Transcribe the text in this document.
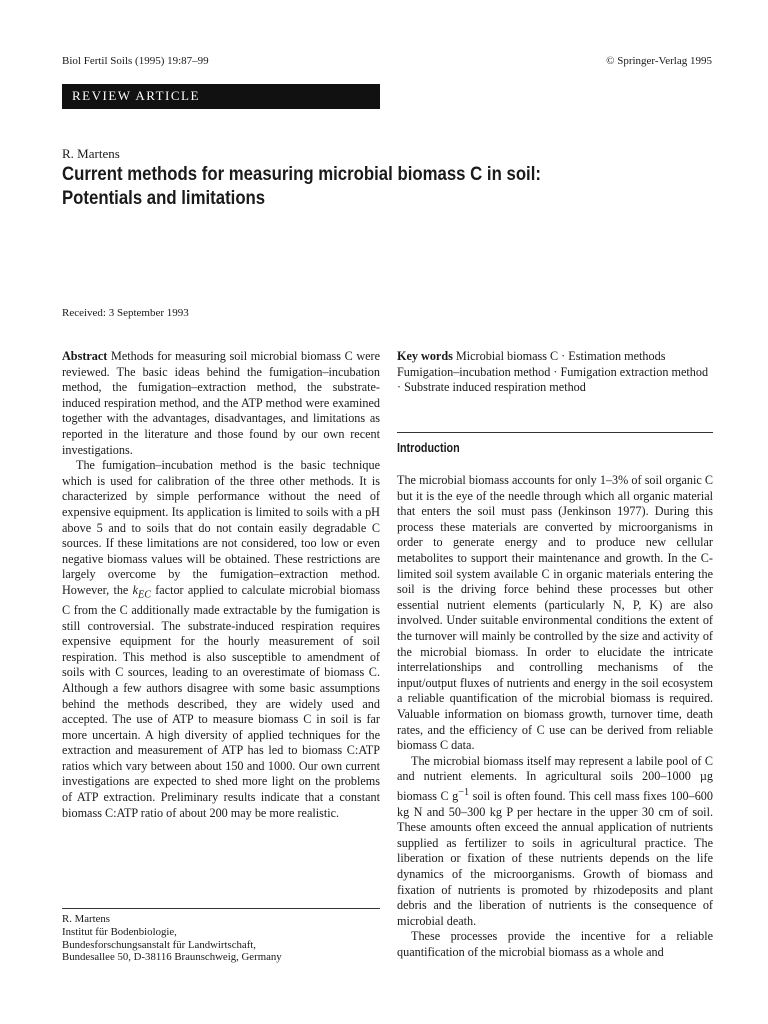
Biol Fertil Soils (1995) 19:87–99	© Springer-Verlag 1995
REVIEW ARTICLE
R. Martens
Current methods for measuring microbial biomass C in soil:
Potentials and limitations
Received: 3 September 1993

Abstract Methods for measuring soil microbial biomass C were reviewed. The basic ideas behind the fumigation–incubation method, the fumigation–extraction method, the substrate-induced respiration method, and the ATP method were examined together with the advantages, disadvantages, and limitations as reported in the literature and those found by our own recent investigations.

The fumigation–incubation method is the basic technique which is used for calibration of the three other methods. It is characterized by simple performance without the need of expensive equipment. Its application is limited to soils with a pH above 5 and to soils that do not contain easily degradable C sources. If these limitations are not considered, too low or even negative biomass values will be obtained. These restrictions are largely overcome by the fumigation–extraction method. However, the $k_{EC}$ factor applied to calculate microbial biomass C from the C additionally made extractable by the fumigation is still controversial. The substrate-induced respiration requires expensive equipment for the hourly measurement of soil respiration. This method is also susceptible to amendment of soils with C sources, leading to an overestimate of biomass C. Although a few authors disagree with some basic assumptions behind the methods described, they are widely used and accepted. The use of ATP to measure biomass C in soil is far more uncertain. A high diversity of applied techniques for the extraction and measurement of ATP has led to biomass C:ATP ratios which vary between about 150 and 1000. Our own current investigations are expected to shed more light on the problems of ATP extraction. Preliminary results indicate that a constant biomass C:ATP ratio of about 200 may be more realistic.

Key words Microbial biomass C · Estimation methods Fumigation–incubation method · Fumigation extraction method · Substrate induced respiration method
Introduction

The microbial biomass accounts for only 1–3% of soil organic C but it is the eye of the needle through which all organic material that enters the soil must pass (Jenkinson 1977). During this process these materials are converted by microorganisms in order to generate energy and to produce new cellular metabolites to support their maintenance and growth. In the C-limited soil system available C in organic materials entering the soil is the driving force behind these processes but other essential nutrient elements (particularly N, P, K) are also involved. Under suitable environmental conditions the extent of the turnover will mainly be controlled by the size and activity of the microbial biomass. In order to elucidate the intricate interrelationships and controlling mechanisms of the input/output fluxes of nutrients and energy in the soil ecosystem a reliable quantification of the microbial biomass is required. Valuable information on biomass growth, turnover time, death rates, and the efficiency of C use can be derived from reliable biomass C data.

The microbial biomass itself may represent a labile pool of C and nutrient elements. In agricultural soils 200–1000 µg biomass C $g^{-1}$ soil is often found. This cell mass fixes 100–600 kg N and 50–300 kg P per hectare in the upper 30 cm of soil. These amounts often exceed the annual application of nutrients supplied as fertilizer to soils in agricultural practice. The liberation or fixation of these nutrients depends on the life dynamics of the microorganisms. Growth of biomass and fixation of nutrients is promoted by rhizodeposits and plant debris and the liberation of nutrients is the consequence of microbial death.

These processes provide the incentive for a reliable quantification of the microbial biomass as a whole and

R. Martens
Institut für Bodenbiologie,
Bundesforschungsanstalt für Landwirtschaft,
Bundesallee 50, D-38116 Braunschweig, Germany
